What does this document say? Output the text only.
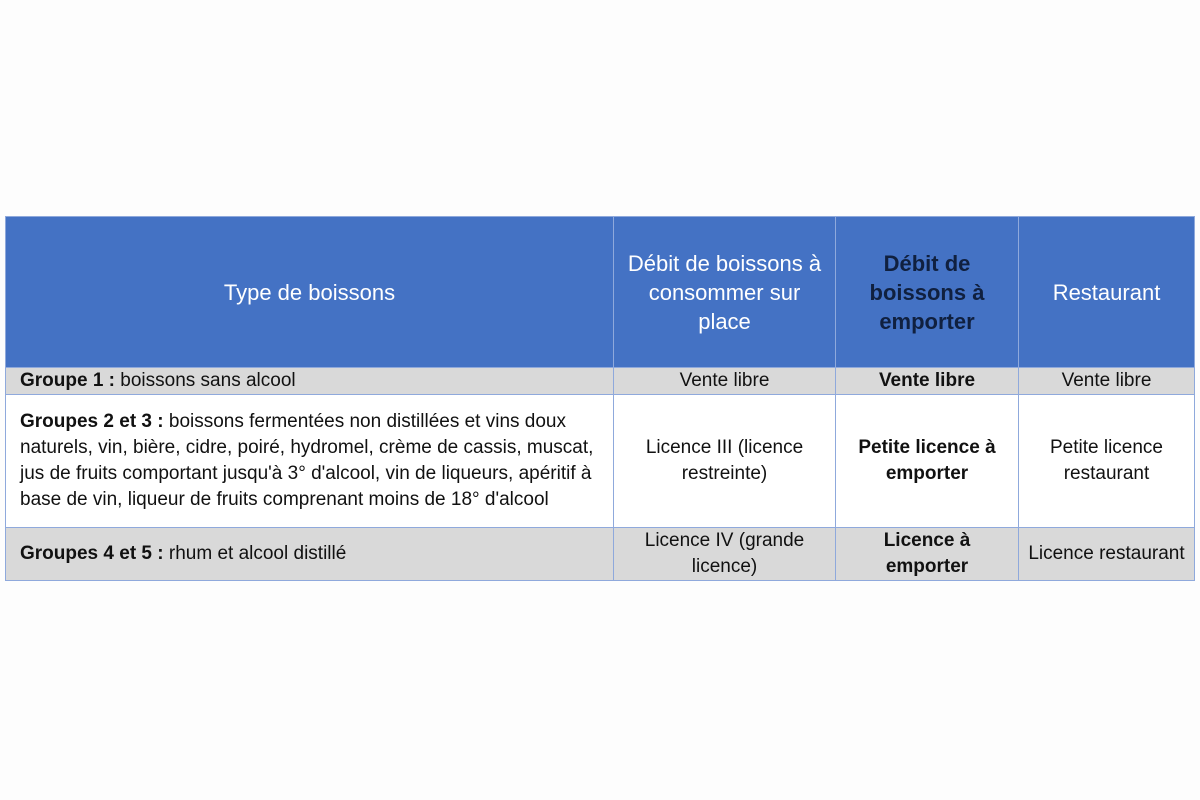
Type de boissons	Débit de boissons à consommer sur place	Débit de boissons à emporter	Restaurant
Groupe 1 : boissons sans alcool	Vente libre	Vente libre	Vente libre
Groupes 2 et 3 : boissons fermentées non distillées et vins doux naturels, vin, bière, cidre, poiré, hydromel, crème de cassis, muscat, jus de fruits comportant jusqu'à 3° d'alcool, vin de liqueurs, apéritif à base de vin, liqueur de fruits comprenant moins de 18° d'alcool	Licence III (licence restreinte)	Petite licence à emporter	Petite licence restaurant
Groupes 4 et 5 : rhum et alcool distillé	Licence IV (grande licence)	Licence à emporter	Licence restaurant
